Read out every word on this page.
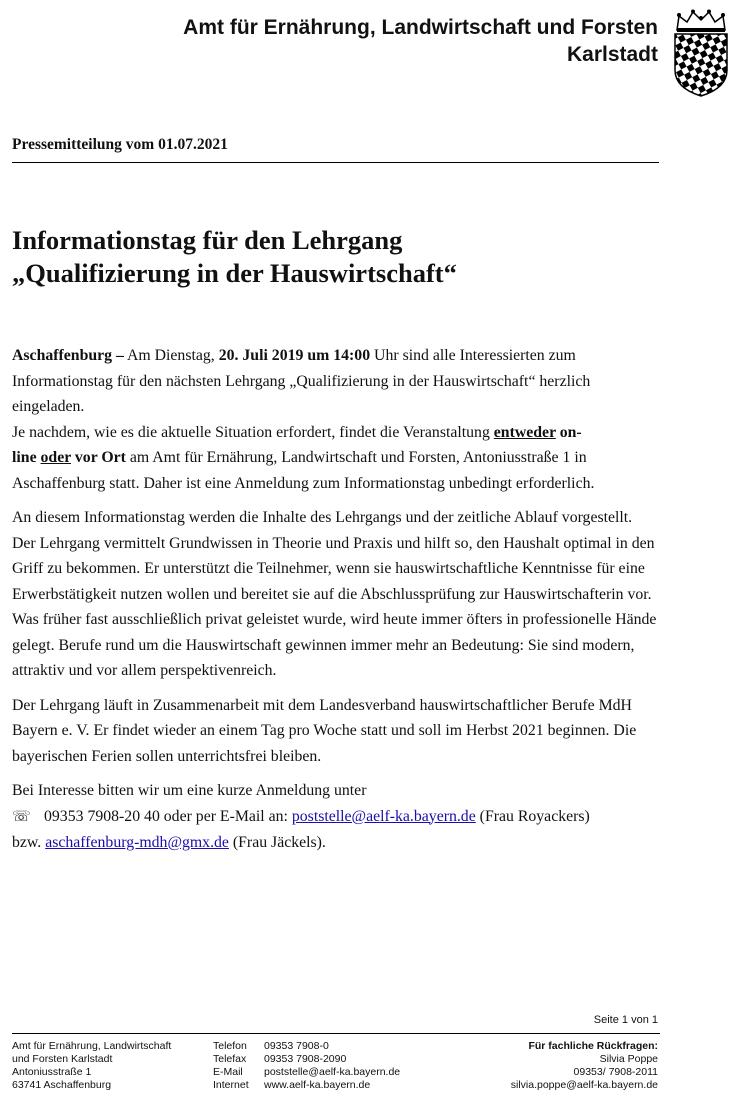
Amt für Ernährung, Landwirtschaft und Forsten
Karlstadt
Pressemitteilung vom 01.07.2021
Informationstag für den Lehrgang
„Qualifizierung in der Hauswirtschaft“

Aschaffenburg – Am Dienstag, 20. Juli 2019 um 14:00 Uhr sind alle Interessierten zum Informationstag für den nächsten Lehrgang „Qualifizierung in der Hauswirtschaft“ herzlich eingeladen.

Je nachdem, wie es die aktuelle Situation erfordert, findet die Veranstaltung entweder on-
line oder vor Ort am Amt für Ernährung, Landwirtschaft und Forsten, Antoniusstraße 1 in Aschaffenburg statt. Daher ist eine Anmeldung zum Informationstag unbedingt erforderlich.

An diesem Informationstag werden die Inhalte des Lehrgangs und der zeitliche Ablauf vorgestellt. Der Lehrgang vermittelt Grundwissen in Theorie und Praxis und hilft so, den Haushalt optimal in den Griff zu bekommen. Er unterstützt die Teilnehmer, wenn sie hauswirtschaftliche Kenntnisse für eine Erwerbstätigkeit nutzen wollen und bereitet sie auf die Abschlussprüfung zur Hauswirtschafterin vor. Was früher fast ausschließlich privat geleistet wurde, wird heute immer öfters in professionelle Hände gelegt. Berufe rund um die Hauswirtschaft gewinnen immer mehr an Bedeutung: Sie sind modern, attraktiv und vor allem perspektivenreich.

Der Lehrgang läuft in Zusammenarbeit mit dem Landesverband hauswirtschaftlicher Berufe MdH Bayern e. V. Er findet wieder an einem Tag pro Woche statt und soll im Herbst 2021 beginnen. Die bayerischen Ferien sollen unterrichtsfrei bleiben.

Bei Interesse bitten wir um eine kurze Anmeldung unter

☏ 09353 7908-20 40 oder per E-Mail an: poststelle@aelf-ka.bayern.de (Frau Royackers)

bzw. aschaffenburg-mdh@gmx.de (Frau Jäckels).

Seite 1 von 1
Amt für Ernährung, Landwirtschaft
und Forsten Karlstadt
Antoniusstraße 1
63741 Aschaffenburg
Telefon
Telefax
E-Mail
Internet
09353 7908-0
09353 7908-2090
poststelle@aelf-ka.bayern.de
www.aelf-ka.bayern.de
Für fachliche Rückfragen:
Silvia Poppe
09353/ 7908-2011
silvia.poppe@aelf-ka.bayern.de
